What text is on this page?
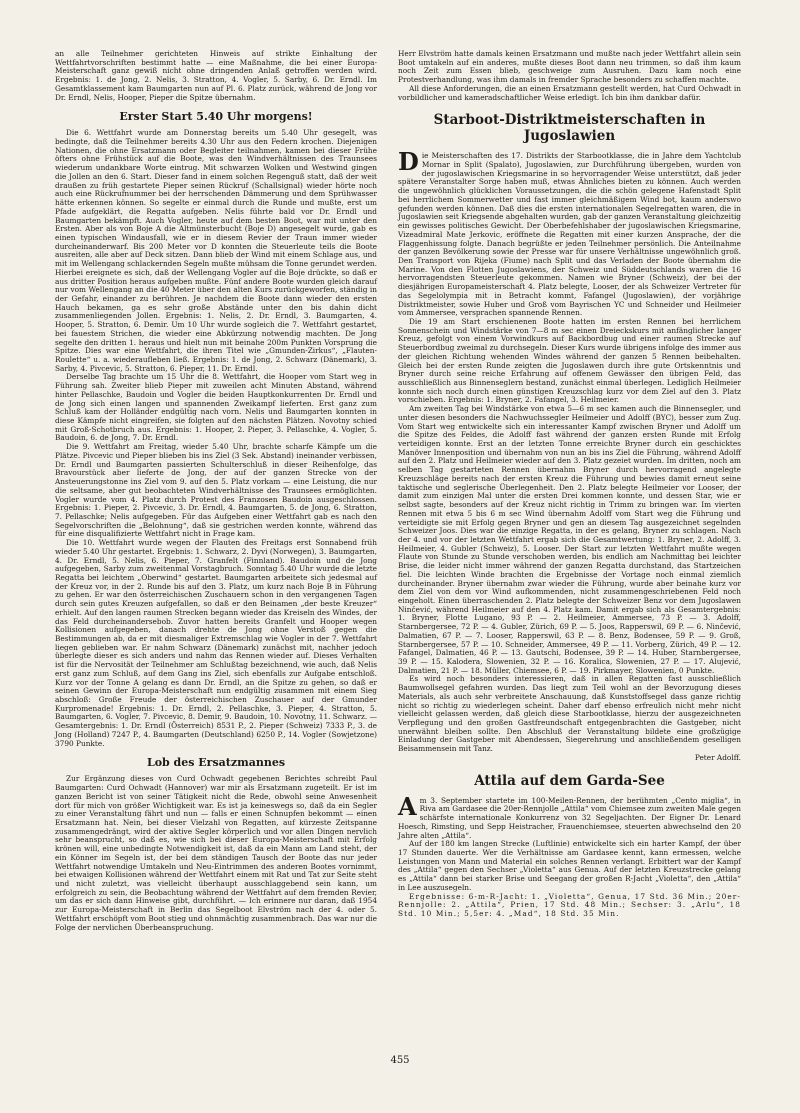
an alle Teilnehmer gerichteten Hinweis auf strikte Einhaltung der Wettfahrtvorschriften bestimmt hatte — eine Maßnahme, die bei einer Europa-Meisterschaft ganz gewiß nicht ohne dringenden Anlaß getroffen werden wird. Ergebnis: 1. de Jong, 2. Nelis, 3. Stratton, 4. Vogler, 5. Sarby, 6. Dr. Erndl. Im Gesamtklassement kam Baumgarten nun auf Pl. 6. Platz zurück, während de Jong vor Dr. Erndl, Nelis, Hooper, Pieper die Spitze übernahm.

Erster Start 5.40 Uhr morgens!

Die 6. Wettfahrt wurde am Donnerstag bereits um 5.40 Uhr gesegelt, was bedingte, daß die Teilnehmer bereits 4.30 Uhr aus den Federn krochen. Diejenigen Nationen, die ohne Ersatzmann oder Begleiter teilnahmen, kamen bei dieser Frühe öfters ohne Frühstück auf die Boote, was den Windverhältnissen des Traunsees wiederum undankbare Worte eintrug. Mit schwarzen Wolken und Westwind gingen die Jollen an den 6. Start. Dieser fand in einem solchen Regenguß statt, daß der weit draußen zu früh gestartete Pieper seinen Rückruf (Schallsignal) wieder hörte noch auch eine Rückrufnummer bei der herrschenden Dämmerung und dem Sprühwasser hätte erkennen können. So segelte er einmal durch die Runde und mußte, erst um Pfade aufgeklärt, die Regatta aufgeben. Nelis führte bald vor Dr. Erndl und Baumgarten bekämpft. Auch Vogler, heute auf dem besten Boot, war mit unter den Ersten. Aber als von Boje A die Altmünsterbucht (Boje D) angesegelt wurde, gab es einen typischen Windausfall, wie er in diesem Revier der Traun immer wieder durcheinanderwarf. Bis 200 Meter vor D konnten die Steuerleute teils die Boote ausreiten, alle aber auf Deck sitzen. Dann blieb der Wind mit einem Schlage aus, und mit im Wellengang schlackernden Segeln mußte mühsam die Tonne gerundet werden. Hierbei ereignete es sich, daß der Wellengang Vogler auf die Boje drückte, so daß er aus dritter Position heraus aufgeben mußte. Fünf andere Boote wurden gleich darauf nur vom Wellengang an die 40 Meter über den alten Kurs zurückgeworfen, ständig in der Gefahr, einander zu berühren. Je nachdem die Boote dann wieder den ersten Hauch bekamen, ga es sehr große Abstände unter den bis dahin dicht zusammenliegenden Jollen. Ergebnis: 1. Nelis, 2. Dr. Erndl, 3. Baumgarten, 4. Hooper, 5. Stratton, 6. Demir. Um 10 Uhr wurde sogleich die 7. Wettfahrt gestartet, bei fauestem Strichen, die wieder eine Abkürzung notwendig machten. De Jong segelte den dritten 1. heraus und hielt nun mit beinahe 200m Punkten Vorsprung die Spitze. Dies war eine Wettfahrt, die ihren Titel wie „Gmunden-Zirkus“, „Flauten-Roulette“ u. a. wiederaufleben ließ. Ergebnis: 1. de Jong, 2. Schwarz (Dänemark), 3. Sarby, 4. Pivcevic, 5. Stratton, 6. Pieper, 11. Dr. Erndl.

Derselbe Tag brachte um 15 Uhr die 8. Wettfahrt, die Hooper vom Start weg in Führung sah. Zweiter blieb Pieper mit zuweilen acht Minuten Abstand, während hinter Pellaschke, Baudoin und Vogler die beiden Hauptkonkurrenten Dr. Erndl und de Jong sich einen langen und spannenden Zweikampf lieferten. Erst ganz zum Schluß kam der Holländer endgültig nach vorn. Nelis und Baumgarten konnten in diese Kämpfe nicht eingreifen, sie folgten auf den nächsten Plätzen. Novotny schied mit Groß-Schotbruch aus. Ergebnis: 1. Hooper, 2. Pieper, 3. Pellaschke, 4. Vogler, 5. Baudoin, 6. de Jong, 7. Dr. Erndl.

Die 9. Wettfahrt am Freitag, wieder 5.40 Uhr, brachte scharfe Kämpfe um die Plätze. Pivcevic und Pieper blieben bis ins Ziel (3 Sek. Abstand) ineinander verbissen, Dr. Erndl und Baumgarten passierten Schulterschluß in dieser Reihenfolge, das Bravourstück aber lieferte de Jong, der auf der ganzen Strecke von der Ansteuerungstonne ins Ziel vom 9. auf den 5. Platz vorkam — eine Leistung, die nur die seltsame, aber gut beobachteten Windverhältnisse des Traunsees ermöglichten. Vogler wurde vom 4. Platz durch Protest des Franzosen Baudoin ausgeschlossen. Ergebnis: 1. Pieper, 2. Pivcevic, 3. Dr. Erndl, 4. Baumgarten, 5. de Jong, 6. Stratton, 7. Pellaschke; Nelis aufgegeben. Für das Aufgeben einer Wettfahrt gab es nach den Segelvorschriften die „Belohnung“, daß sie gestrichen werden konnte, während das für eine disqualifizierte Wettfahrt nicht in Frage kam.

Die 10. Wettfahrt wurde wegen der Flauten des Freitags erst Sonnabend früh wieder 5.40 Uhr gestartet. Ergebnis: 1. Schwarz, 2. Dyvi (Norwegen), 3. Baumgarten, 4. Dr. Erndl, 5. Nelis, 6. Pieper, 7. Granfelt (Finnland). Baudoin und de Jong aufgegeben, Sarby zum zweitenmal Vorstagbruch. Sonntag 5.40 Uhr wurde die letzte Regatta bei leichtem „Oberwind“ gestartet. Baumgarten arbeitete sich jedesmal auf der Kreuz vor, in der 2. Runde bis auf den 3. Platz, um kurz nach Boje B in Führung zu gehen. Er war den österreichischen Zuschauern schon in den vergangenen Tagen durch sein gutes Kreuzen aufgefallen, so daß er den Beinamen „der beste Kreuzer“ erhielt. Auf den langen raumen Strecken begann wieder das Kreiseln des Windes, der das Feld durcheinandersebob. Zuvor hatten bereits Granfelt und Hooper wegen Kollisionen aufgegeben, danach drehte de Jong ohne Verstoß gegen die Bestimmungen ab, da er mit diesmaliger Extremschlag wie Vogler in der 7. Wettfahrt liegen geblieben war. Er nahm Schwarz (Dänemark) zunächst mit, nachher jedoch überlegte dieser es sich anders und nahm das Rennen wieder auf. Dieses Verhalten ist für die Nervosität der Teilnehmer am Schlußtag bezeichnend, wie auch, daß Nelis erst ganz zum Schluß, auf dem Gang ins Ziel, sich ebenfalls zur Aufgabe entschloß. Kurz vor der Tonne A gelang es dann Dr. Erndl, an die Spitze zu gehen, so daß er seinen Gewinn der Europa-Meisterschaft nun endgültig zusammen mit einem Sieg abschloß: Große Freude der österreichischen Zuschauer auf der Gmunder Kurpromenade! Ergebnis: 1. Dr. Erndl, 2. Pellaschke, 3. Pieper, 4. Stratton, 5. Baumgarten, 6. Vogler, 7. Pivcevic, 8. Demir, 9. Baudoin, 10. Novotny, 11. Schwarz. — Gesamtergebnis: 1. Dr. Erndl (Österreich) 8531 P., 2. Pieper (Schweiz) 7333 P., 3. de Jong (Holland) 7247 P., 4. Baumgarten (Deutschland) 6250 P., 14. Vogler (Sowjetzone) 3790 Punkte.

Lob des Ersatzmannes

Zur Ergänzung dieses von Curd Ochwadt gegebenen Berichtes schreibt Paul Baumgarten: Curd Ochwadt (Hannover) war mir als Ersatzmann zugeteilt. Er ist im ganzen Bericht ist von seiner Tätigkeit nicht die Rede, obwohl seine Anwesenheit dort für mich von größer Wichtigkeit war. Es ist ja keineswegs so, daß da ein Segler zu einer Veranstaltung fährt und nun — falls er einen Schnupfen bekommt — einen Ersatzmann hat. Nein, bei dieser Vielzahl von Regatten, auf kürzeste Zeitspanne zusammengedrängt, wird der aktive Segler körperlich und vor allen Dingen nervlich sehr beansprucht, so daß es, wie sich bei dieser Europa-Meisterschaft mit Erfolg krönen will, eine unbedingte Notwendigkeit ist, daß da ein Mann am Land steht, der ein Könner im Segeln ist, der bei dem ständigen Tausch der Boote das nur jeder Wettfahrt notwendige Umtakeln und Neu-Eintrimmen des anderen Bootes vornimmt, bei etwaigen Kollisionen während der Wettfahrt einem mit Rat und Tat zur Seite steht und nicht zuletzt, was vielleicht überhaupt ausschlaggebend sein kann, um erfolgreich zu sein, die Beobachtung während der Wettfahrt auf dem fremden Revier, um das er sich dann Hinweise gibt, durchführt. — Ich erinnere nur daran, daß 1954 zur Europa-Meisterschaft in Berlin das Segelboot Elvström nach der 4. oder 5. Wettfahrt erschöpft vom Boot stieg und ohnmächtig zusammenbrach. Das war nur die Folge der nervlichen Überbeanspruchung.

Herr Elvström hatte damals keinen Ersatzmann und mußte nach jeder Wettfahrt allein sein Boot umtakeln auf ein anderes, mußte dieses Boot dann neu trimmen, so daß ihm kaum noch Zeit zum Essen blieb, geschweige zum Ausruhen. Dazu kam noch eine Protestverhandlung, was ihm damals in fremder Sprache besonders zu schaffen machte.

All diese Anforderungen, die an einen Ersatzmann gestellt werden, hat Curd Ochwadt in vorbildlicher und kameradschaftlicher Weise erledigt. Ich bin ihm dankbar dafür.

Starboot-Distriktmeisterschaften in Jugoslawien

Die Meisterschaften des 17. Distrikts der Starbootklasse, die in Jahre dem Yachtclub Mornar in Split (Spalato), Jugoslawien, zur Durchführung übergeben, wurden von der jugoslawischen Kriegsmarine in so hervorragender Weise unterstützt, daß jeder spätere Veranstalter Sorge haben muß, etwas Ähnliches bieten zu können. Auch werden die ungewöhnlich glücklichen Voraussetzungen, die die schön gelegene Hafenstadt Split bei herrlichem Sommerwetter und fast immer gleichmäßigem Wind bot, kaum anderswo gefunden werden können. Daß dies die ersten internationalen Segelregatten waren, die in Jugoslawien seit Kriegsende abgehalten wurden, gab der ganzen Veranstaltung gleichzeitig ein gewisses politisches Gewicht. Der Oberbefehlshaber der jugoslawischen Kriegsmarine, Vizeadmiral Mate Jerkovic, eröffnete die Regatten mit einer kurzen Ansprache, der die Flaggenhissung folgte. Danach begrüßte er jeden Teilnehmer persönlich. Die Anteilnahme der ganzen Bevölkerung sowie der Presse war für unsere Verhältnisse ungewöhnlich groß. Den Transport von Rijeka (Fiume) nach Split und das Verladen der Boote übernahm die Marine. Von den Flotten Jugoslawiens, der Schweiz und Süddeutschlands waren die 16 hervorragendsten Steuerleute gekommen. Namen wie Bryner (Schweiz), der bei der diesjährigen Europameisterschaft 4. Platz belegte, Looser, der als Schweizer Vertreter für das Segelolympia mit in Betracht kommt, Fafangel (Jugoslawien), der vorjährige Distriktmeister, sowie Huber und Groß vom Bayrischen YC und Schneider und Heilmeier vom Ammersee, versprachen spannende Rennen.

Die 19 am Start erschienenen Boote hatten im ersten Rennen bei herrlichem Sonnenschein und Windstärke von 7—8 m sec einen Dreieckskurs mit anfänglicher langer Kreuz, gefolgt von einem Vorwindkurs auf Backbordbug und einer raumen Strecke auf Steuerbordbug zweimal zu durchsegeln. Dieser Kurs wurde übrigens infolge des immer aus der gleichen Richtung wehenden Windes während der ganzen 5 Rennen beibehalten. Gleich bei der ersten Runde zeigten die Jugoslawen durch ihre gute Ortskenntnis und Bryner durch seine reiche Erfahrung auf offenem Gewässer den übrigen Feld, das ausschließlich aus Binnenseglern bestand, zunächst einmal überlegen. Lediglich Heilmeier konnte sich noch durch einen günstigen Kreuzschlag kurz vor dem Ziel auf den 3. Platz vorschieben. Ergebnis: 1. Bryner, 2. Fafangel, 3. Heilmeier.

Am zweiten Tag bei Windstärke von etwa 5—6 m sec kamen auch die Binnensegler, und unter diesen besonders die Nachwuchssegler Heilmeier und Adolff (BYC), besser zum Zug. Vom Start weg entwickelte sich ein interessanter Kampf zwischen Bryner und Adolff um die Spitze des Feldes, die Adolff fast während der ganzen ersten Runde mit Erfolg verteidigen konnte. Erst an der letzten Tonne erreichte Bryner durch ein geschicktes Manöver Innenposition und übernahm von nun an bis ins Ziel die Führung, während Adolff auf den 2. Platz und Heilmeier wieder auf den 3. Platz gezeiet wurden. Im dritten, noch am selben Tag gestarteten Rennen übernahm Bryner durch hervorragend angelegte Kreuzschläge bereits nach der ersten Kreuz die Führung und bewies damit erneut seine taktische und seglerische Überlegenheit. Den 2. Platz belegte Heilmeier vor Looser, der damit zum einzigen Mal unter die ersten Drei kommen konnte, und dessen Star, wie er selbst sagte, besonders auf der Kreuz nicht richtig in Trimm zu bringen war. Im vierten Rennen mit etwa 5 bis 6 m sec Wind übernahm Adolff vom Start weg die Führung und verteidigte sie mit Erfolg gegen Bryner und gen an diesem Tag ausgezeichnet segelnden Schweizer Joos. Dies war die einzige Regatta, in der es gelang, Bryner zu schlagen. Nach der 4. und vor der letzten Wettfahrt ergab sich die Gesamtwertung: 1. Bryner, 2. Adolff, 3. Heilmeier, 4. Gubler (Schweiz), 5. Looser. Der Start zur letzten Wettfahrt mußte wegen Flaute von Stunde zu Stunde verschoben werden, bis endlich am Nachmittag bei leichter Brise, die leider nicht immer während der ganzen Regatta durchstand, das Startzeichen fiel. Die leichten Winde brachten die Ergebnisse der Vortage noch einmal ziemlich durcheinander. Bryner übernahm zwar wieder die Führung, wurde aber beinahe kurz vor dem Ziel von dem vor Wind aufkommenden, nicht zusammengeschriebenen Feld noch eingeholt. Einen überraschenden 2. Platz belegte der Schweizer Benz vor dem Jugoslawen Ninčević, während Heilmeier auf den 4. Platz kam. Damit ergab sich als Gesamtergebnis: 1. Bryner, Flotte Lugano, 93 P. — 2. Heilmeier, Ammersee, 73 P. — 3. Adolff, Starnbergersee, 72 P. — 4. Gubler, Zürich, 69 P. — 5. Joos, Rapperswil, 69 P. — 6. Ninčević, Dalmatien, 67 P. — 7. Looser, Rapperswil, 63 P. — 8. Benz, Bodensee, 59 P. — 9. Groß, Starnbergersee, 57 P. — 10. Schneider, Ammersee, 49 P. — 11. Vorberg, Zürich, 49 P. — 12. Fafangel, Dalmatien, 46 P. — 13. Gautschi, Bodensee, 39 P. — 14. Huber, Starnbergersee, 39 P. — 15. Kalodera, Slowenien, 32 P. — 16. Koralica, Slowenien, 27 P. — 17. Alujević, Dalmatien, 21 P. — 18. Müller, Chiemsee, 6 P. — 19. Pirkmayer, Slowenien, 0 Punkte.

Es wird noch besonders interessieren, daß in allen Regatten fast ausschließlich Baumwollsegel gefahren wurden. Das liegt zum Teil wohl an der Bevorzugung dieses Materials, als auch sehr verbreitete Anschauung, daß Kunststoffsegel dass ganze richtig nicht so richtig zu wiederlegen scheint. Daher darf ebenso erfreulich nicht mehr nicht vielleicht gelassen werden, daß gleich diese Starbootklasse, hierzu der ausgezeichneten Verpflegung und den großen Gastfreundschaft entgegenbrachten die Gastgeber, nicht unerwähnt bleiben sollte. Den Abschluß der Veranstaltung bildete eine großzügige Einladung der Gastgeber mit Abendessen, Siegerehrung und anschließendem geselligen Beisammensein mit Tanz.

Peter Adolff.

Attila auf dem Garda-See

Am 3. September startete im 100-Meilen-Rennen, der berühmten „Cento miglia“, in Riva am Gardasee die 20er-Rennjolle „Attila“ vom Chiemsee zum zweiten Male gegen schärfste internationale Konkurrenz von 32 Segeljachten. Der Eigner Dr. Lenard Hoesch, Rimsting, und Sepp Heistracher, Frauenchiemsee, steuerten abwechselnd den 20 Jahre alten „Attila“.

Auf der 180 km langen Strecke (Luftlinie) entwickelte sich ein harter Kampf, der über 17 Stunden dauerte. Wer die Verhältnisse am Gardasee kennt, kann ermessen, welche Leistungen von Mann und Material ein solches Rennen verlangt. Erbittert war der Kampf des „Attila“ gegen den Sechser „Violetta“ aus Genua. Auf der letzten Kreuzstrecke gelang es „Attila“ dann bei starker Brise und Seegang der großen R-Jacht „Violetta“, den „Attila“ in Lee auszusegeln.

Ergebnisse: 6-m-R-Jacht: 1. „Violetta“, Genua, 17 Std. 36 Min.; 20er-Rennjolle: 2. „Attila“, Prien, 17 Std. 48 Min.; Sechser: 3. „Arlu“, 18 Std. 10 Min.; 5,5er: 4. „Mad“, 18 Std. 35 Min.

455
